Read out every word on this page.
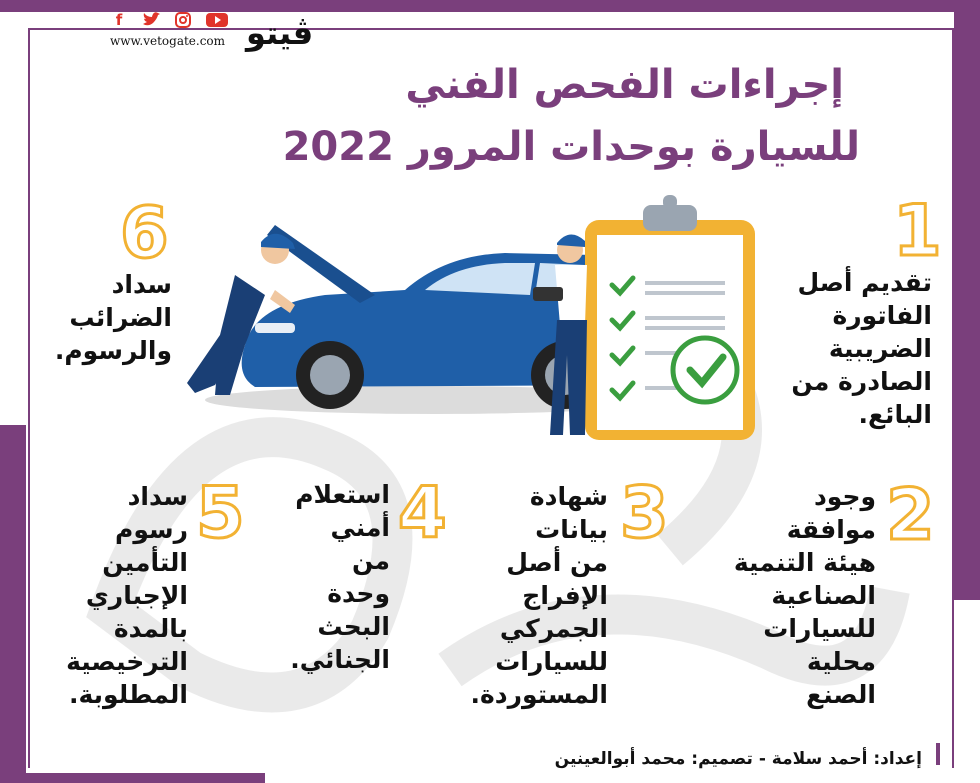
f
www.vetogate.com ڤيتو
إجراءات الفحص الفني
للسيارة بوحدات المرور 2022
1
تقديم أصل
الفاتورة
الضريبية
الصادرة من
البائع.
2
وجود
موافقة
هيئة التنمية
الصناعية
للسيارات
محلية
الصنع
3
شهادة
بيانات
من أصل
الإفراج
الجمركي
للسيارات
المستوردة.
4
استعلام
أمني
من
وحدة
البحث
الجنائي.
5
سداد
رسوم
التأمين
الإجباري
بالمدة
الترخيصية
المطلوبة.
6
سداد
الضرائب
والرسوم.
إعداد: أحمد سلامة - تصميم: محمد أبوالعينين
